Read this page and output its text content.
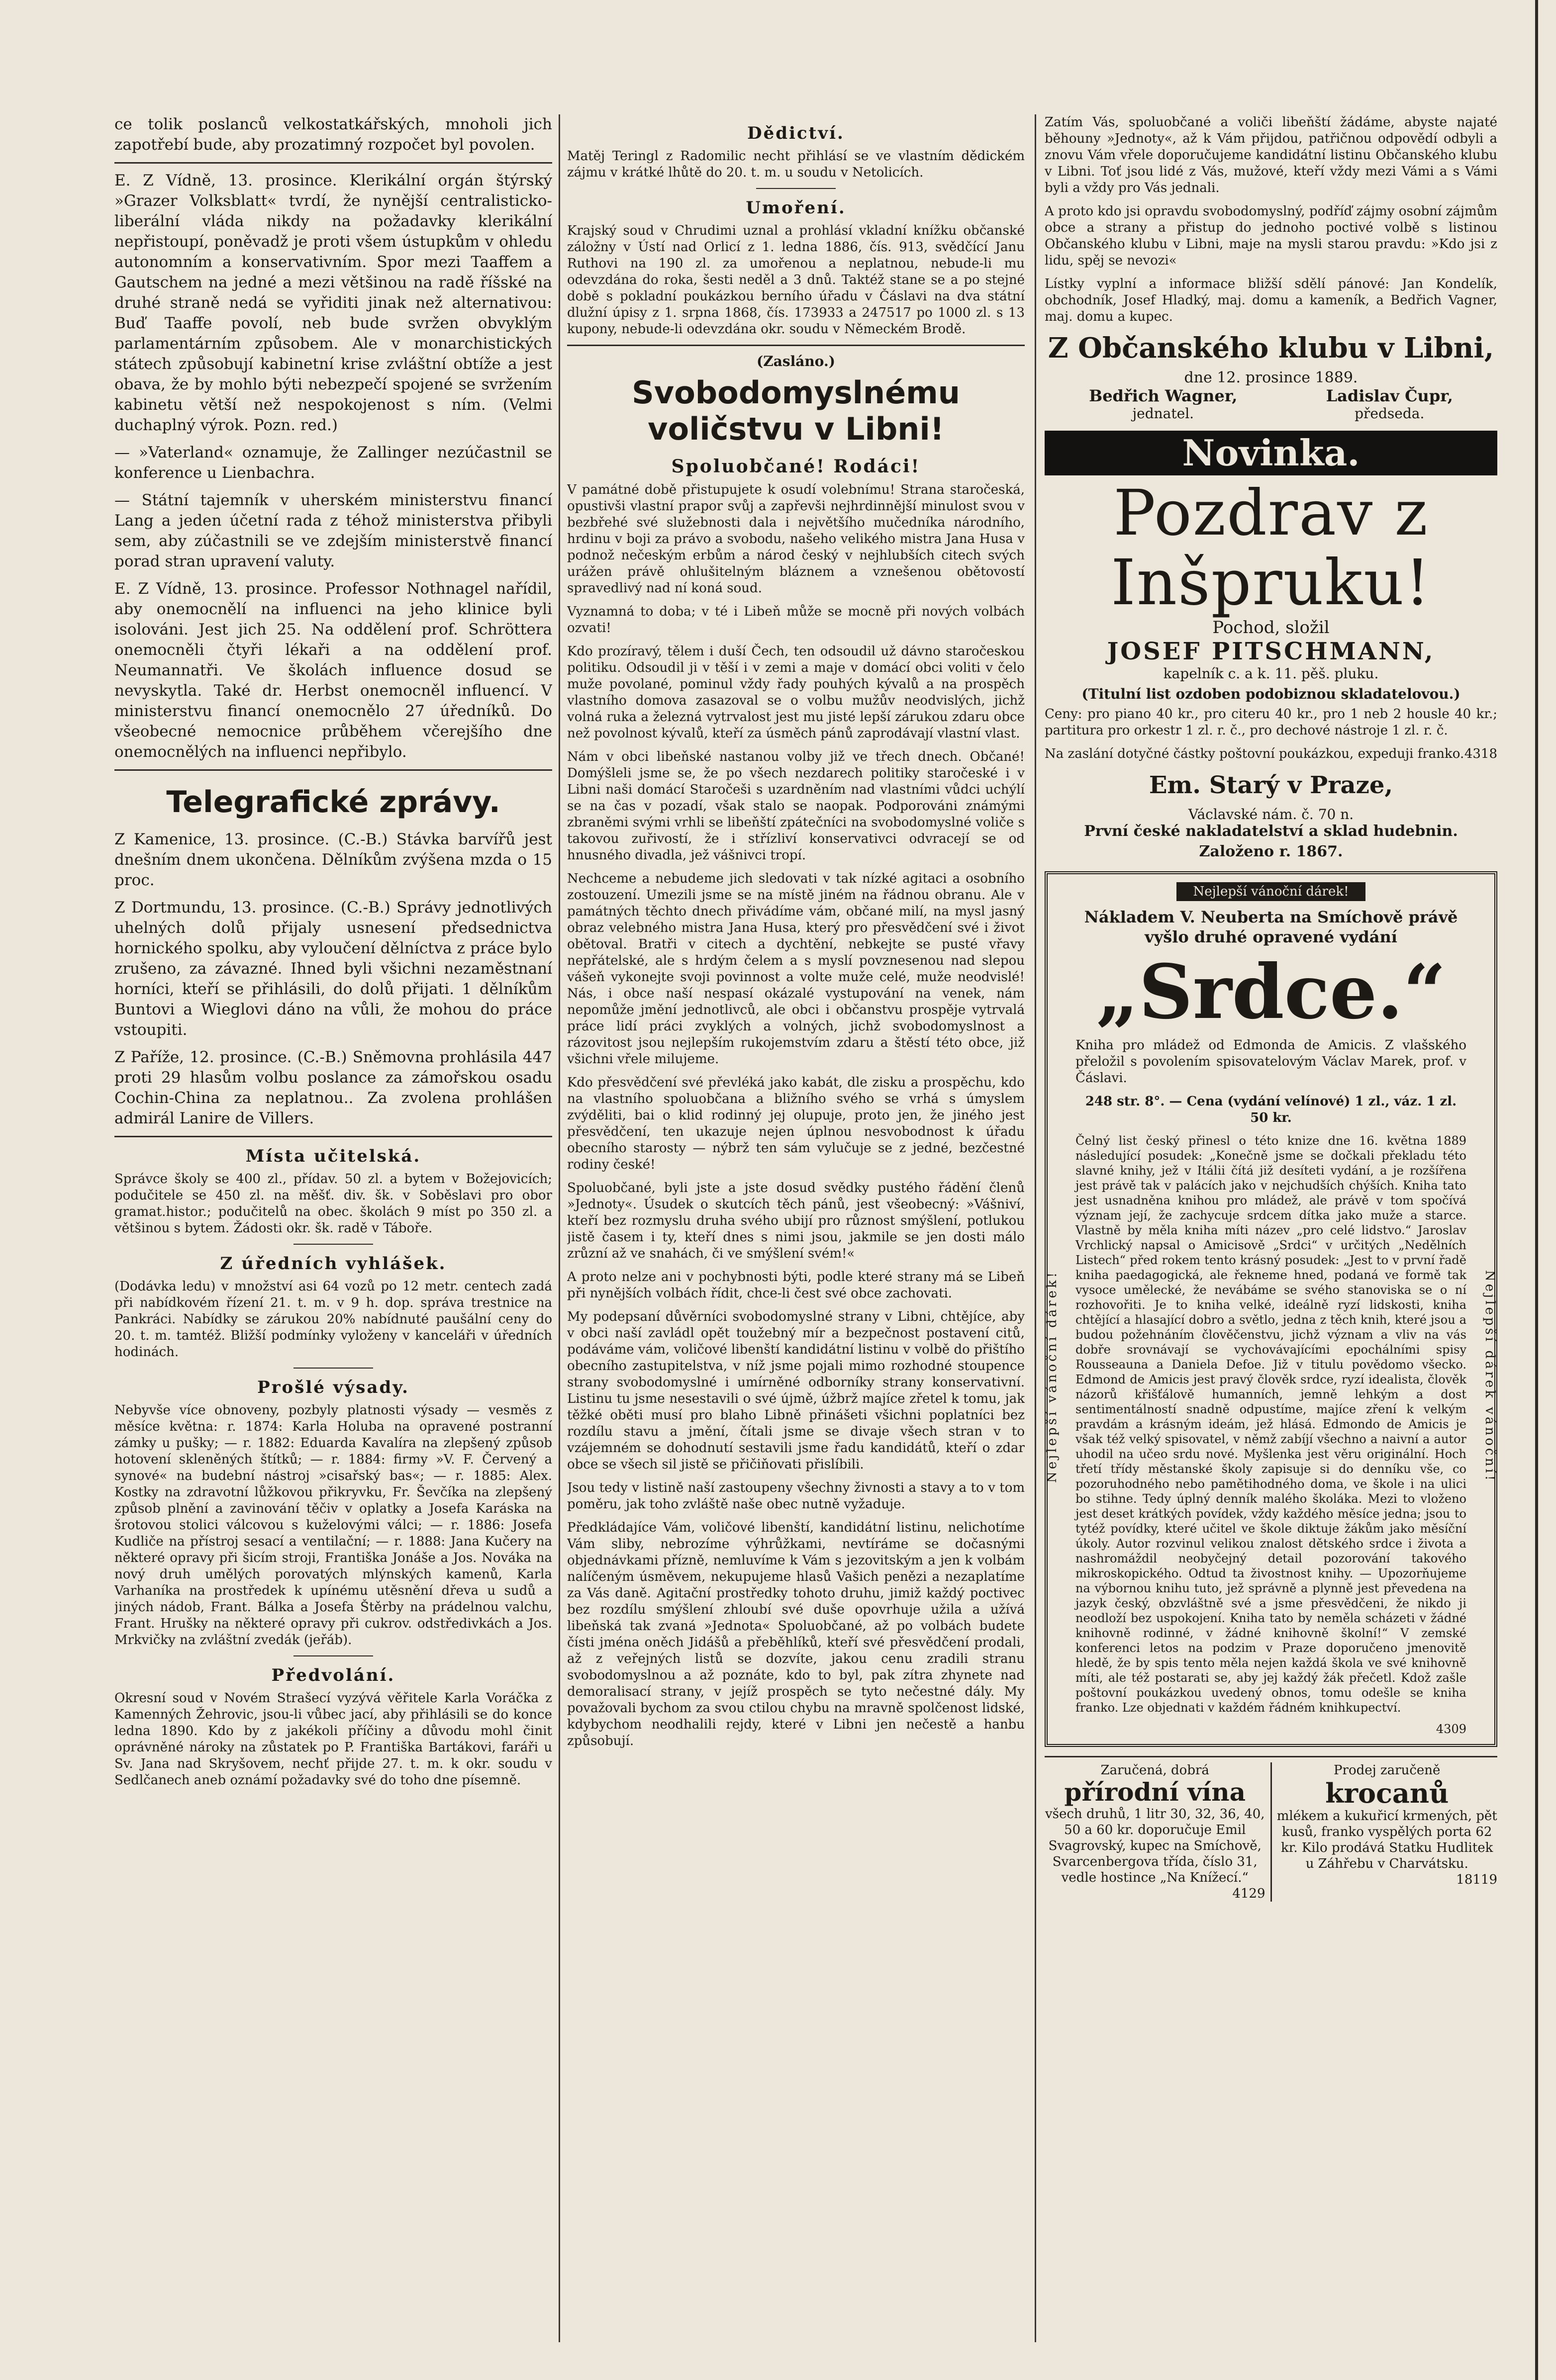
ce tolik poslanců velkostatkářských, mnoholi jich zapotřebí bude, aby prozatimný rozpočet byl povolen.

E. Z Vídně, 13. prosince. Klerikální orgán štýrský »Grazer Volksblatt« tvrdí, že nynější centralisticko-liberální vláda nikdy na požadavky klerikální nepřistoupí, poněvadž je proti všem ústupkům v ohledu autonomním a konservativním. Spor mezi Taaffem a Gautschem na jedné a mezi většinou na radě říšské na druhé straně nedá se vyřiditi jinak než alternativou: Buď Taaffe povolí, neb bude svržen obvyklým parlamentárním způsobem. Ale v monarchistických státech způsobují kabinetní krise zvláštní obtíže a jest obava, že by mohlo býti nebezpečí spojené se svržením kabinetu větší než nespokojenost s ním. (Velmi duchaplný výrok. Pozn. red.)

— »Vaterland« oznamuje, že Zallinger nezúčastnil se konference u Lienbachra.

— Státní tajemník v uherském ministerstvu financí Lang a jeden účetní rada z téhož ministerstva přibyli sem, aby zúčastnili se ve zdejším ministerstvě financí porad stran upravení valuty.

E. Z Vídně, 13. prosince. Professor Nothnagel nařídil, aby onemocnělí na influenci na jeho klinice byli isolováni. Jest jich 25. Na oddělení prof. Schröttera onemocněli čtyři lékaři a na oddělení prof. Neumannatři. Ve školách influence dosud se nevyskytla. Také dr. Herbst onemocněl influencí. V ministerstvu financí onemocnělo 27 úředníků. Do všeobecné nemocnice průběhem včerejšího dne onemocnělých na influenci nepřibylo.

Telegrafické zprávy.

Z Kamenice, 13. prosince. (C.-B.) Stávka barvířů jest dnešním dnem ukončena. Dělníkům zvýšena mzda o 15 proc.

Z Dortmundu, 13. prosince. (C.-B.) Správy jednotlivých uhelných dolů přijaly usnesení předsednictva hornického spolku, aby vyloučení dělníctva z práce bylo zrušeno, za závazné. Ihned byli všichni nezaměstnaní horníci, kteří se přihlásili, do dolů přijati. 1 dělníkům Buntovi a Wieglovi dáno na vůli, že mohou do práce vstoupiti.

Z Paříže, 12. prosince. (C.-B.) Sněmovna prohlásila 447 proti 29 hlasům volbu poslance za zámořskou osadu Cochin-China za neplatnou.. Za zvolena prohlášen admirál Lanire de Villers.

Místa učitelská.

Správce školy se 400 zl., přídav. 50 zl. a bytem v Božejovicích; podučitele se 450 zl. na měšť. div. šk. v Soběslavi pro obor gramat.histor.; podučitelů na obec. školách 9 míst po 350 zl. a většinou s bytem. Žádosti okr. šk. radě v Táboře.

Z úředních vyhlášek.

(Dodávka ledu) v množství asi 64 vozů po 12 metr. centech zadá při nabídkovém řízení 21. t. m. v 9 h. dop. správa trestnice na Pankráci. Nabídky se zárukou 20% nabídnuté paušální ceny do 20. t. m. tamtéž. Bližší podmínky vyloženy v kanceláři v úředních hodinách.

Prošlé výsady.

Nebyvše více obnoveny, pozbyly platnosti výsady — vesměs z měsíce května: r. 1874: Karla Holuba na opravené postranní zámky u pušky; — r. 1882: Eduarda Kavalíra na zlepšený způsob hotovení skleněných štítků; — r. 1884: firmy »V. F. Červený a synové« na budební nástroj »cisařský bas«; — r. 1885: Alex. Kostky na zdravotní lůžkovou přikryvku, Fr. Ševčíka na zlepšený způsob plnění a zavinování těčiv v oplatky a Josefa Karáska na šrotovou stolici válcovou s kuželovými válci; — r. 1886: Josefa Kudliče na přístroj sesací a ventilační; — r. 1888: Jana Kučery na některé opravy při šicím stroji, Františka Jonáše a Jos. Nováka na nový druh umělých porovatých mlýnských kamenů, Karla Varhaníka na prostředek k upínému utěsnění dřeva u sudů a jiných nádob, Frant. Bálka a Josefa Štěrby na prádelnou valchu, Frant. Hrušky na některé opravy při cukrov. odstředivkách a Jos. Mrkvičky na zvláštní zvedák (jeřáb).

Předvolání.

Okresní soud v Novém Strašecí vyzývá věřitele Karla Voráčka z Kamenných Žehrovic, jsou-li vůbec jací, aby přihlásili se do konce ledna 1890. Kdo by z jakékoli příčiny a důvodu mohl činit oprávněné nároky na zůstatek po P. Františka Bartákovi, faráři u Sv. Jana nad Skryšovem, nechť přijde 27. t. m. k okr. soudu v Sedlčanech aneb oznámí požadavky své do toho dne písemně.

Dědictví.

Matěj Teringl z Radomilic necht přihlásí se ve vlastním dědickém zájmu v krátké lhůtě do 20. t. m. u soudu v Netolicích.

Umoření.

Krajský soud v Chrudimi uznal a prohlásí vkladní knížku občanské záložny v Ústí nad Orlicí z 1. ledna 1886, čís. 913, svědčící Janu Ruthovi na 190 zl. za umořenou a neplatnou, nebude-li mu odevzdána do roka, šesti neděl a 3 dnů. Taktéž stane se a po stejné době s pokladní poukázkou berního úřadu v Čáslavi na dva státní dlužní úpisy z 1. srpna 1868, čís. 173933 a 247517 po 1000 zl. s 13 kupony, nebude-li odevzdána okr. soudu v Německém Brodě.

(Zasláno.)
Svobodomyslnému voličstvu v Libni!
Spoluobčané! Rodáci!

V památné době přistupujete k osudí volebnímu! Strana staročeská, opustivši vlastní prapor svůj a zapřevši nejhrdinnější minulost svou v bezbřehé své služebnosti dala i největšího mučedníka národního, hrdinu v boji za právo a svobodu, našeho velikého mistra Jana Husa v podnož nečeským erbům a národ český v nejhlubších citech svých urážen právě ohlušitelným bláznem a vznešenou obětovostí spravedlivý nad ní koná soud.

Vyznamná to doba; v té i Libeň může se mocně při nových volbách ozvati!

Kdo prozíravý, tělem i duší Čech, ten odsoudil už dávno staročeskou politiku. Odsoudil ji v těší i v zemi a maje v domácí obci voliti v čelo muže povolané, pominul vždy řady pouhých kývalů a na prospěch vlastního domova zasazoval se o volbu mužův neodvislých, jichž volná ruka a železná vytrvalost jest mu jisté lepší zárukou zdaru obce než povolnost kývalů, kteří za úsměch pánů zaprodávají vlastní vlast.

Nám v obci libeňské nastanou volby již ve třech dnech. Občané! Domýšleli jsme se, že po všech nezdarech politiky staročeské i v Libni naši domácí Staročeši s uzardněním nad vlastními vůdci uchýlí se na čas v pozadí, však stalo se naopak. Podporováni známými zbraněmi svými vrhli se libeňští zpátečníci na svobodomyslné voliče s takovou zuřivostí, že i střízliví konservativci odvracejí se od hnusného divadla, jež vášnivci tropí.

Nechceme a nebudeme jich sledovati v tak nízké agitaci a osobního zostouzení. Umezili jsme se na místě jiném na řádnou obranu. Ale v památných těchto dnech přivádíme vám, občané milí, na mysl jasný obraz velebného mistra Jana Husa, který pro přesvědčení své i život obětoval. Bratři v citech a dychtění, nebkejte se pusté vřavy nepřátelské, ale s hrdým čelem a s myslí povznesenou nad slepou vášeň vykonejte svoji povinnost a volte muže celé, muže neodvislé! Nás, i obce naší nespasí okázalé vystupování na venek, nám nepomůže jmění jednotlivců, ale obci i občanstvu prospěje vytrvalá práce lidí práci zvyklých a volných, jichž svobodomyslnost a rázovitost jsou nejlepším rukojemstvím zdaru a štěstí této obce, již všichni vřele milujeme.

Kdo přesvědčení své převléká jako kabát, dle zisku a prospěchu, kdo na vlastního spoluobčana a bližního svého se vrhá s úmyslem zvýděliti, bai o klid rodinný jej olupuje, proto jen, že jiného jest přesvědčení, ten ukazuje nejen úplnou nesvobodnost k úřadu obecního starosty — nýbrž ten sám vylučuje se z jedné, bezčestné rodiny české!

Spoluobčané, byli jste a jste dosud svědky pustého řádění členů »Jednoty«. Úsudek o skutcích těch pánů, jest všeobecný: »Vášniví, kteří bez rozmyslu druha svého ubijí pro různost smýšlení, potlukou jistě časem i ty, kteří dnes s nimi jsou, jakmile se jen dosti málo zrůzní až ve snahách, či ve smýšlení svém!«

A proto nelze ani v pochybnosti býti, podle které strany má se Libeň při nynějších volbách řídit, chce-li čest své obce zachovati.

My podepsaní důvěrníci svobodomyslné strany v Libni, chtějíce, aby v obci naší zavládl opět toužebný mír a bezpečnost postavení citů, podáváme vám, voličové libenští kandidátní listinu v volbě do přištího obecního zastupitelstva, v níž jsme pojali mimo rozhodné stoupence strany svobodomyslné i umírněné odborníky strany konservativní. Listinu tu jsme nesestavili o své újmě, úžbrž majíce zřetel k tomu, jak těžké oběti musí pro blaho Libně přinášeti všichni poplatníci bez rozdílu stavu a jmění, čítali jsme se divaje všech stran v to vzájemném se dohodnutí sestavili jsme řadu kandidátů, kteří o zdar obce se všech sil jistě se přičiňovati přislíbili.

Jsou tedy v listině naší zastoupeny všechny živnosti a stavy a to v tom poměru, jak toho zvláště naše obec nutně vyžaduje.

Předkládajíce Vám, voličové libenští, kandidátní listinu, nelichotíme Vám sliby, nebrozíme výhrůžkami, nevtíráme se dočasnými objednávkami přízně, nemluvíme k Vám s jezovitským a jen k volbám nalíčeným úsměvem, nekupujeme hlasů Vašich penězi a nezaplatíme za Vás daně. Agitační prostředky tohoto druhu, jimiž každý poctivec bez rozdílu smýšlení zhloubí své duše opovrhuje užila a užívá libeňská tak zvaná »Jednota« Spoluobčané, až po volbách budete čísti jména oněch Jidášů a přeběhlíků, kteří své přesvědčení prodali, až z veřejných listů se dozvíte, jakou cenu zradili stranu svobodomyslnou a až poznáte, kdo to byl, pak zítra zhynete nad demoralisací strany, v jejíž prospěch se tyto nečestné dály. My považovali bychom za svou ctilou chybu na mravně spolčenost lidské, kdybychom neodhalili rejdy, které v Libni jen nečestě a hanbu způsobují.

Zatím Vás, spoluobčané a voliči libeňští žádáme, abyste najaté běhouny »Jednoty«, až k Vám přijdou, patřičnou odpovědí odbyli a znovu Vám vřele doporučujeme kandidátní listinu Občanského klubu v Libni. Toť jsou lidé z Vás, mužové, kteří vždy mezi Vámi a s Vámi byli a vždy pro Vás jednali.

A proto kdo jsi opravdu svobodomyslný, podříď zájmy osobní zájmům obce a strany a přistup do jednoho poctivé volbě s listinou Občanského klubu v Libni, maje na mysli starou pravdu: »Kdo jsi z lidu, spěj se nevozi«

Lístky vyplní a informace bližší sdělí pánové: Jan Kondelík, obchodník, Josef Hladký, maj. domu a kameník, a Bedřich Vagner, maj. domu a kupec.

Z Občanského klubu v Libni,
dne 12. prosince 1889.
Bedřich Wagner,
jednatel.
Ladislav Čupr,
předseda.
Novinka.
Pozdrav z Inšpruku!
Pochod, složil
JOSEF PITSCHMANN,
kapelník c. a k. 11. pěš. pluku.
(Titulní list ozdoben podobiznou skladatelovou.)

Ceny: pro piano 40 kr., pro citeru 40 kr., pro 1 neb 2 housle 40 kr.; partitura pro orkestr 1 zl. r. č., pro dechové nástroje 1 zl. r. č.

Na zaslání dotyčné částky poštovní poukázkou, expeduji franko. 4318

Em. Starý v Praze,
Václavské nám. č. 70 n.
První české nakladatelství a sklad hudebnin.
Založeno r. 1867.
Nejlepší vánoční dárek!
Nejlepší vánoční dárek!	Nejlepší dárek vánoční!
Nákladem V. Neuberta na Smíchově právě vyšlo druhé opravené vydání
„Srdce.“

Kniha pro mládež od Edmonda de Amicis. Z vlašského přeložil s povolením spisovatelovým Václav Marek, prof. v Čáslavi.

248 str. 8°. — Cena (vydání velínové) 1 zl., váz. 1 zl. 50 kr.

Čelný list český přinesl o této knize dne 16. května 1889 následující posudek: „Konečně jsme se dočkali překladu této slavné knihy, jež v Itálii čítá již desíteti vydání, a je rozšířena jest právě tak v palácích jako v nejchudších chýších. Kniha tato jest usnadněna knihou pro mládež, ale právě v tom spočívá význam její, že zachycuje srdcem dítka jako muže a starce. Vlastně by měla kniha míti název „pro celé lidstvo.“ Jaroslav Vrchlický napsal o Amicisově „Srdci“ v určitých „Nedělních Listech“ před rokem tento krásný posudek: „Jest to v první řadě kniha paedagogická, ale řekneme hned, podaná ve formě tak vysoce umělecké, že nevábáme se svého stanoviska se o ní rozhovořiti. Je to kniha velké, ideálně ryzí lidskosti, kniha chtějící a hlasající dobro a světlo, jedna z těch knih, které jsou a budou požehnáním člověčenstvu, jichž význam a vliv na vás dobře srovnávají se vychovávajícími epochálními spisy Rousseauna a Daniela Defoe. Již v titulu povědomo všecko. Edmond de Amicis jest pravý člověk srdce, ryzí idealista, člověk názorů křišťálově humanních, jemně lehkým a dost sentimentálností snadně odpustíme, majíce zření k velkým pravdám a krásným ideám, jež hlásá. Edmondo de Amicis je však též velký spisovatel, v němž zabíjí všechno a naivní a autor uhodil na učeo srdu nové. Myšlenka jest věru originální. Hoch třetí třídy městanské školy zapisuje si do denníku vše, co pozoruhodného nebo pamětihodného doma, ve škole i na ulici bo stihne. Tedy úplný denník malého školáka. Mezi to vloženo jest deset krátkých povídek, vždy každého měsíce jedna; jsou to tytéž povídky, které učitel ve škole diktuje žákům jako měsíční úkoly. Autor rozvinul velikou znalost dětského srdce i života a nashromáždil neobyčejný detail pozorování takového mikroskopického. Odtud ta živostnost knihy. — Upozorňujeme na výbornou knihu tuto, jež správně a plynně jest převedena na jazyk český, obzvláštně své a jsme přesvědčeni, že nikdo ji neodloží bez uspokojení. Kniha tato by neměla scházeti v žádné knihovně rodinné, v žádné knihovně školní!“ V zemské konferenci letos na podzim v Praze doporučeno jmenovitě hledě, že by spis tento měla nejen každá škola ve své knihovně míti, ale též postarati se, aby jej každý žák přečetl. Kdož zašle poštovní poukázkou uvedený obnos, tomu odešle se kniha franko. Lze objednati v každém řádném knihkupectví.

4309
Zaručená, dobrá
přírodní vína
všech druhů, 1 litr 30, 32, 36, 40, 50 a 60 kr. doporučuje Emil Svagrovský, kupec na Smíchově, Svarcenbergova třída, číslo 31, vedle hostince „Na Knížecí.“
4129
Prodej zaručeně
krocanů
mlékem a kukuřicí krmených, pět kusů, franko vyspělých porta 62 kr. Kilo prodává Statku Hudlitek u Záhřebu v Charvátsku.
18119
